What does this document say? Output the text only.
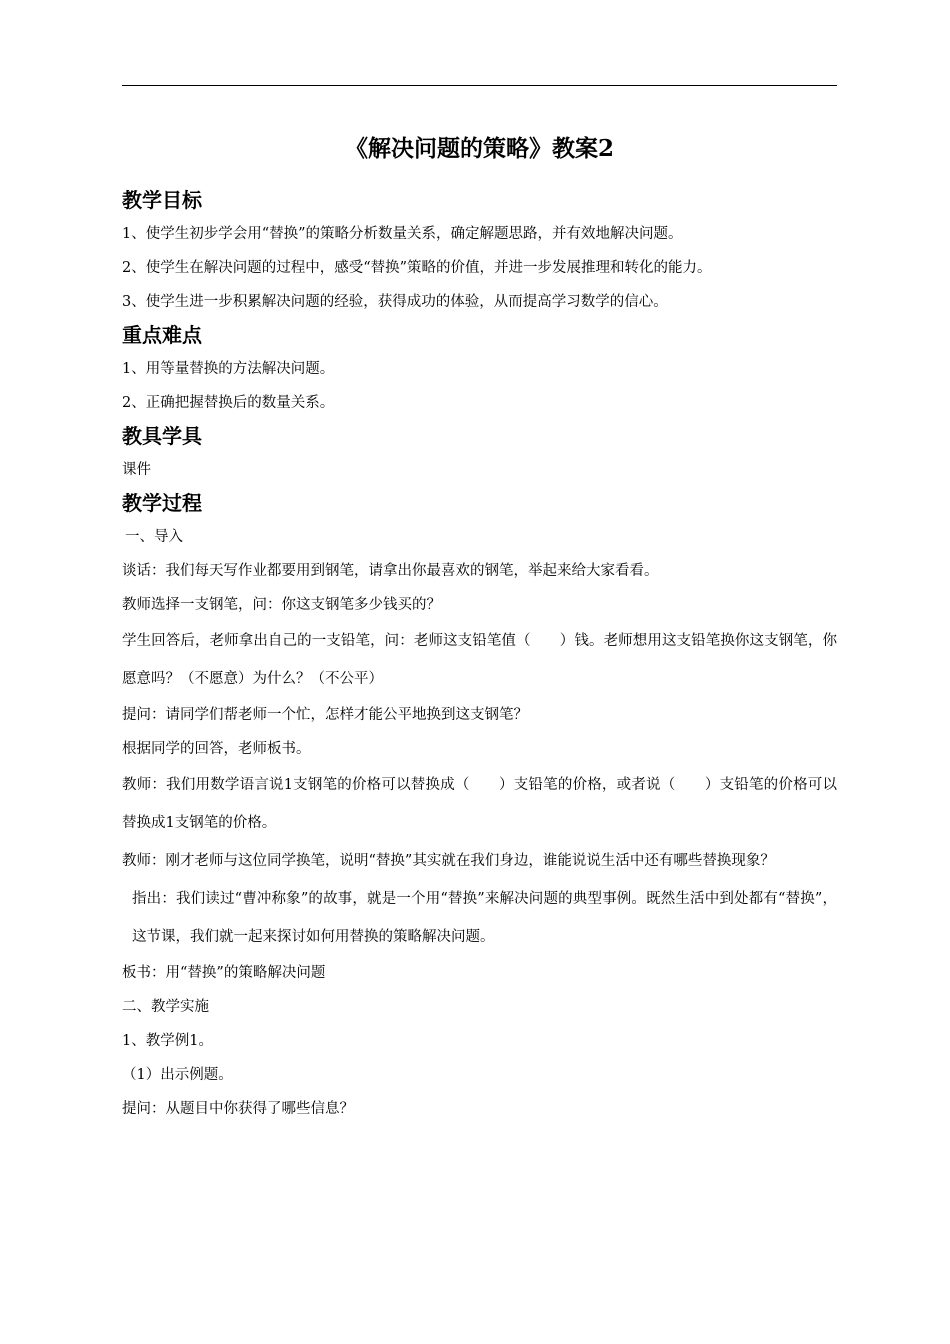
《解决问题的策略》教案2
教学目标
1、使学生初步学会用“替换”的策略分析数量关系，确定解题思路，并有效地解决问题。
2、使学生在解决问题的过程中，感受“替换”策略的价值，并进一步发展推理和转化的能力。
3、使学生进一步积累解决问题的经验，获得成功的体验，从而提高学习数学的信心。
重点难点
1、用等量替换的方法解决问题。
2、正确把握替换后的数量关系。
教具学具
课件
教学过程
一、导入
谈话：我们每天写作业都要用到钢笔，请拿出你最喜欢的钢笔，举起来给大家看看。
教师选择一支钢笔，问：你这支钢笔多少钱买的？
学生回答后，老师拿出自己的一支铅笔，问：老师这支铅笔值（　　）钱。老师想用这支铅笔换你这支钢笔，你愿意吗？（不愿意）为什么？（不公平）
提问：请同学们帮老师一个忙，怎样才能公平地换到这支钢笔？
根据同学的回答，老师板书。
教师：我们用数学语言说1支钢笔的价格可以替换成（　　）支铅笔的价格，或者说（　　）支铅笔的价格可以替换成1支钢笔的价格。
教师：刚才老师与这位同学换笔，说明“替换”其实就在我们身边，谁能说说生活中还有哪些替换现象？
指出：我们读过“曹冲称象”的故事，就是一个用“替换”来解决问题的典型事例。既然生活中到处都有“替换”，这节课，我们就一起来探讨如何用替换的策略解决问题。
板书：用“替换”的策略解决问题
二、教学实施
1、教学例1。
（1）出示例题。
提问：从题目中你获得了哪些信息？
